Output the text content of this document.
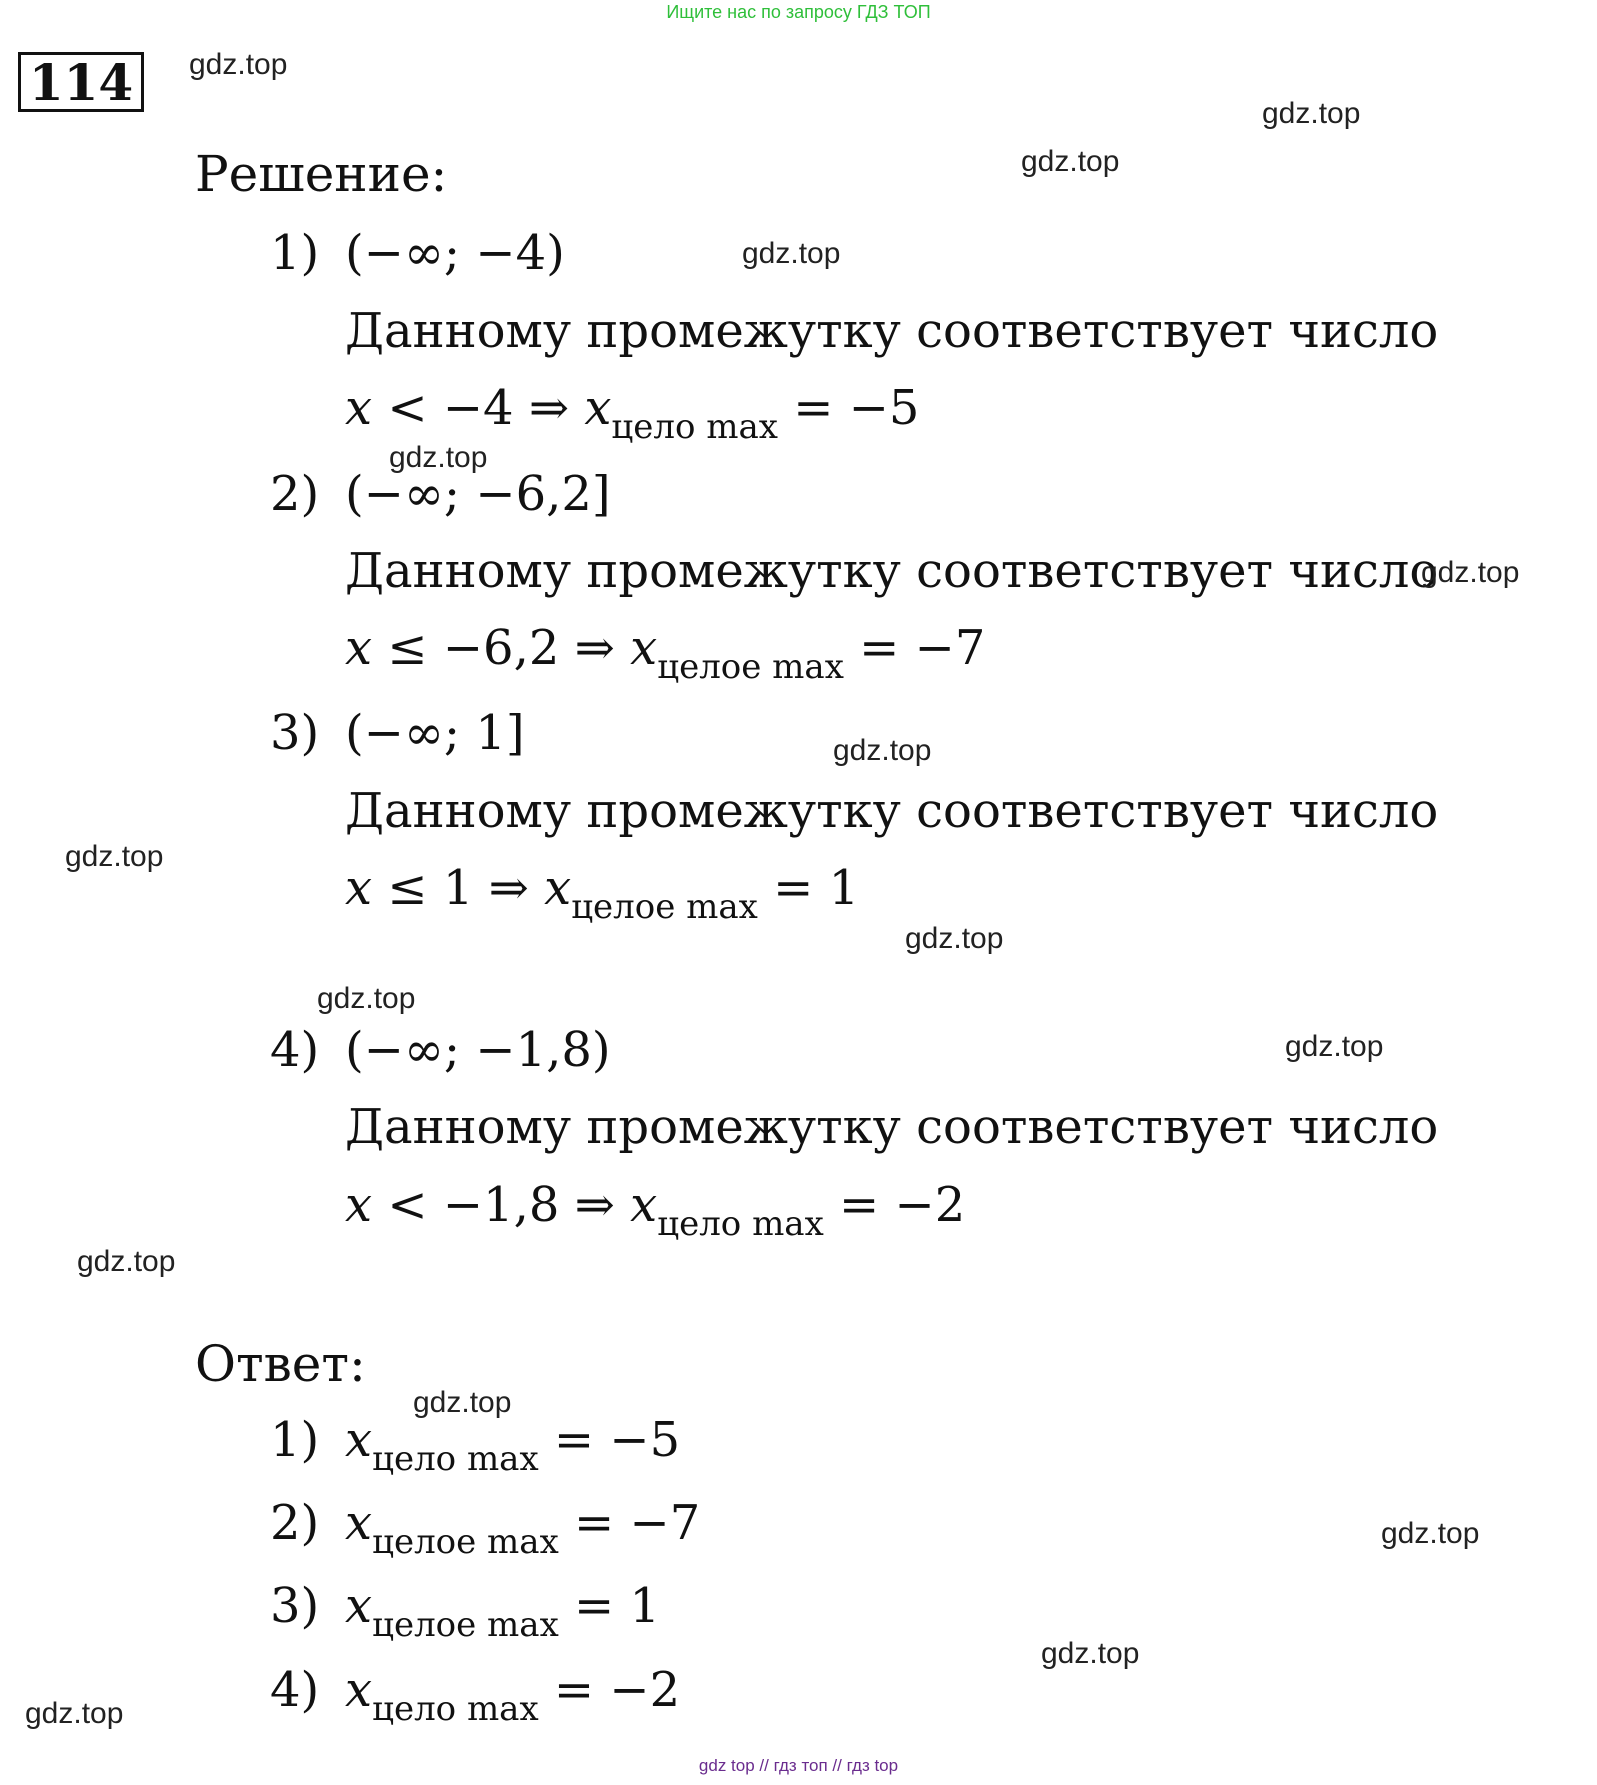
Ищите нас по запросу ГДЗ ТОП
114
Решение:
1) (−∞; −4)
Данному промежутку соответствует число
x < −4 ⇒ $x_{цело max} = -5$
2) (−∞; −6,2]
Данному промежутку соответствует число
x ≤ −6,2 ⇒ $x_{целое max} = -7$
3) (−∞; 1]
Данному промежутку соответствует число
x ≤ 1 ⇒ $x_{целое max} = 1$
4) (−∞; −1,8)
Данному промежутку соответствует число
x < −1,8 ⇒ $x_{цело max} = -2$
Ответ:
1) $x_{цело max} = -5$
2) $x_{целое max} = -7$
3) $x_{целое max} = 1$
4) $x_{цело max} = -2$
gdz.top
gdz.top
gdz.top
gdz.top
gdz.top
gdz.top
gdz.top
gdz.top
gdz.top
gdz.top
gdz.top
gdz.top
gdz.top
gdz.top
gdz.top
gdz.top
gdz top // гдз топ // гдз top
